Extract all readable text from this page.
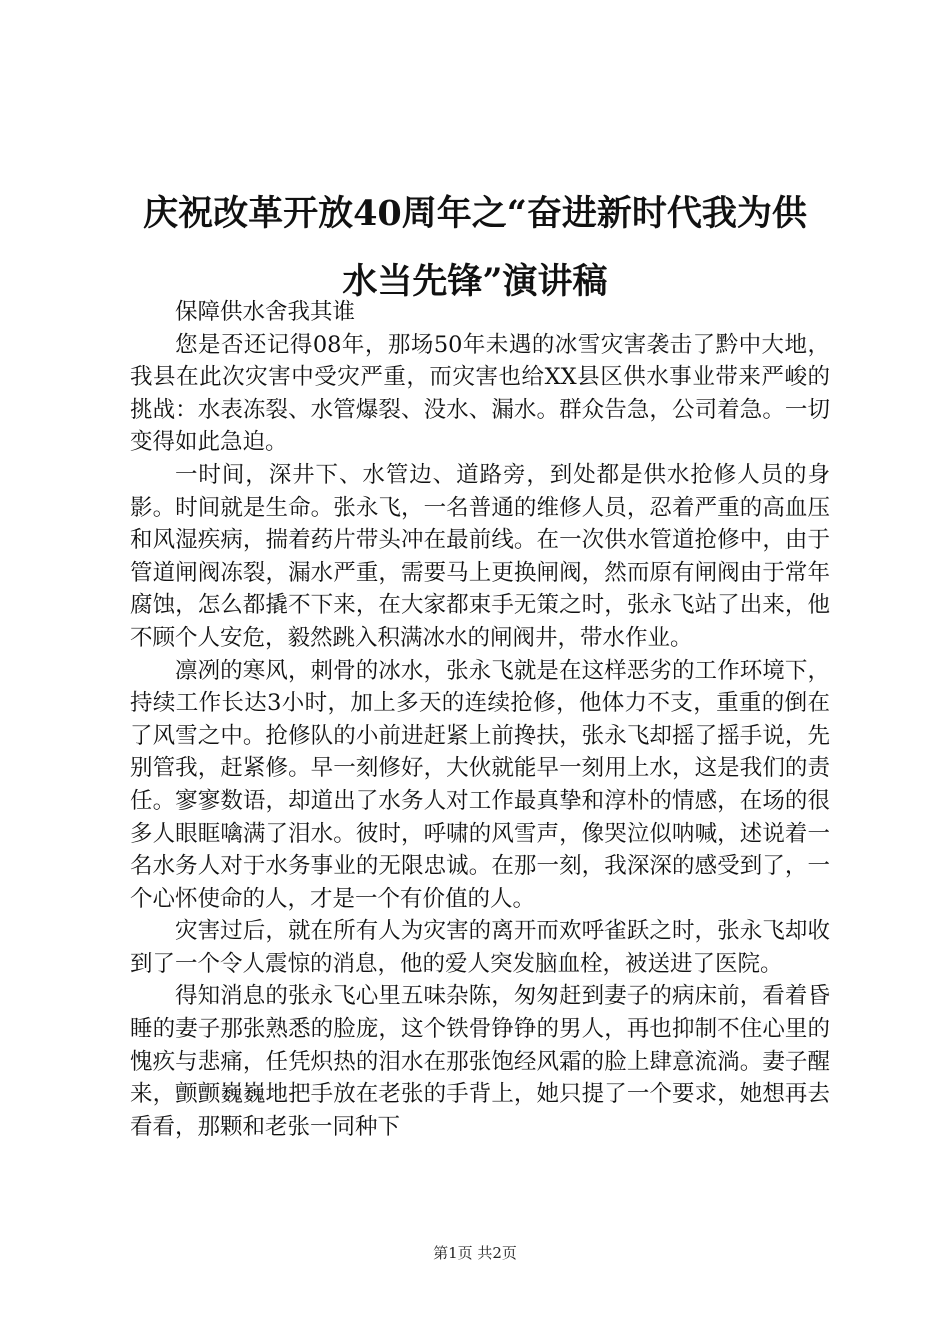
庆祝改革开放40周年之“奋进新时代我为供
水当先锋”演讲稿

保障供水舍我其谁

您是否还记得08年，那场50年未遇的冰雪灾害袭击了黔中大地，我县在此次灾害中受灾严重，而灾害也给XX县区供水事业带来严峻的挑战：水表冻裂、水管爆裂、没水、漏水。群众告急，公司着急。一切变得如此急迫。

一时间，深井下、水管边、道路旁，到处都是供水抢修人员的身影。时间就是生命。张永飞，一名普通的维修人员，忍着严重的高血压和风湿疾病，揣着药片带头冲在最前线。在一次供水管道抢修中，由于管道闸阀冻裂，漏水严重，需要马上更换闸阀，然而原有闸阀由于常年腐蚀，怎么都撬不下来，在大家都束手无策之时，张永飞站了出来，他不顾个人安危，毅然跳入积满冰水的闸阀井，带水作业。

凛冽的寒风，刺骨的冰水，张永飞就是在这样恶劣的工作环境下，持续工作长达3小时，加上多天的连续抢修，他体力不支，重重的倒在了风雪之中。抢修队的小前进赶紧上前搀扶，张永飞却摇了摇手说，先别管我，赶紧修。早一刻修好，大伙就能早一刻用上水，这是我们的责任。寥寥数语，却道出了水务人对工作最真挚和淳朴的情感，在场的很多人眼眶噙满了泪水。彼时，呼啸的风雪声，像哭泣似呐喊，述说着一名水务人对于水务事业的无限忠诚。在那一刻，我深深的感受到了，一个心怀使命的人，才是一个有价值的人。

灾害过后，就在所有人为灾害的离开而欢呼雀跃之时，张永飞却收到了一个令人震惊的消息，他的爱人突发脑血栓，被送进了医院。

得知消息的张永飞心里五味杂陈，匆匆赶到妻子的病床前，看着昏睡的妻子那张熟悉的脸庞，这个铁骨铮铮的男人，再也抑制不住心里的愧疚与悲痛，任凭炽热的泪水在那张饱经风霜的脸上肆意流淌。妻子醒来，颤颤巍巍地把手放在老张的手背上，她只提了一个要求，她想再去看看，那颗和老张一同种下

第1页 共2页
